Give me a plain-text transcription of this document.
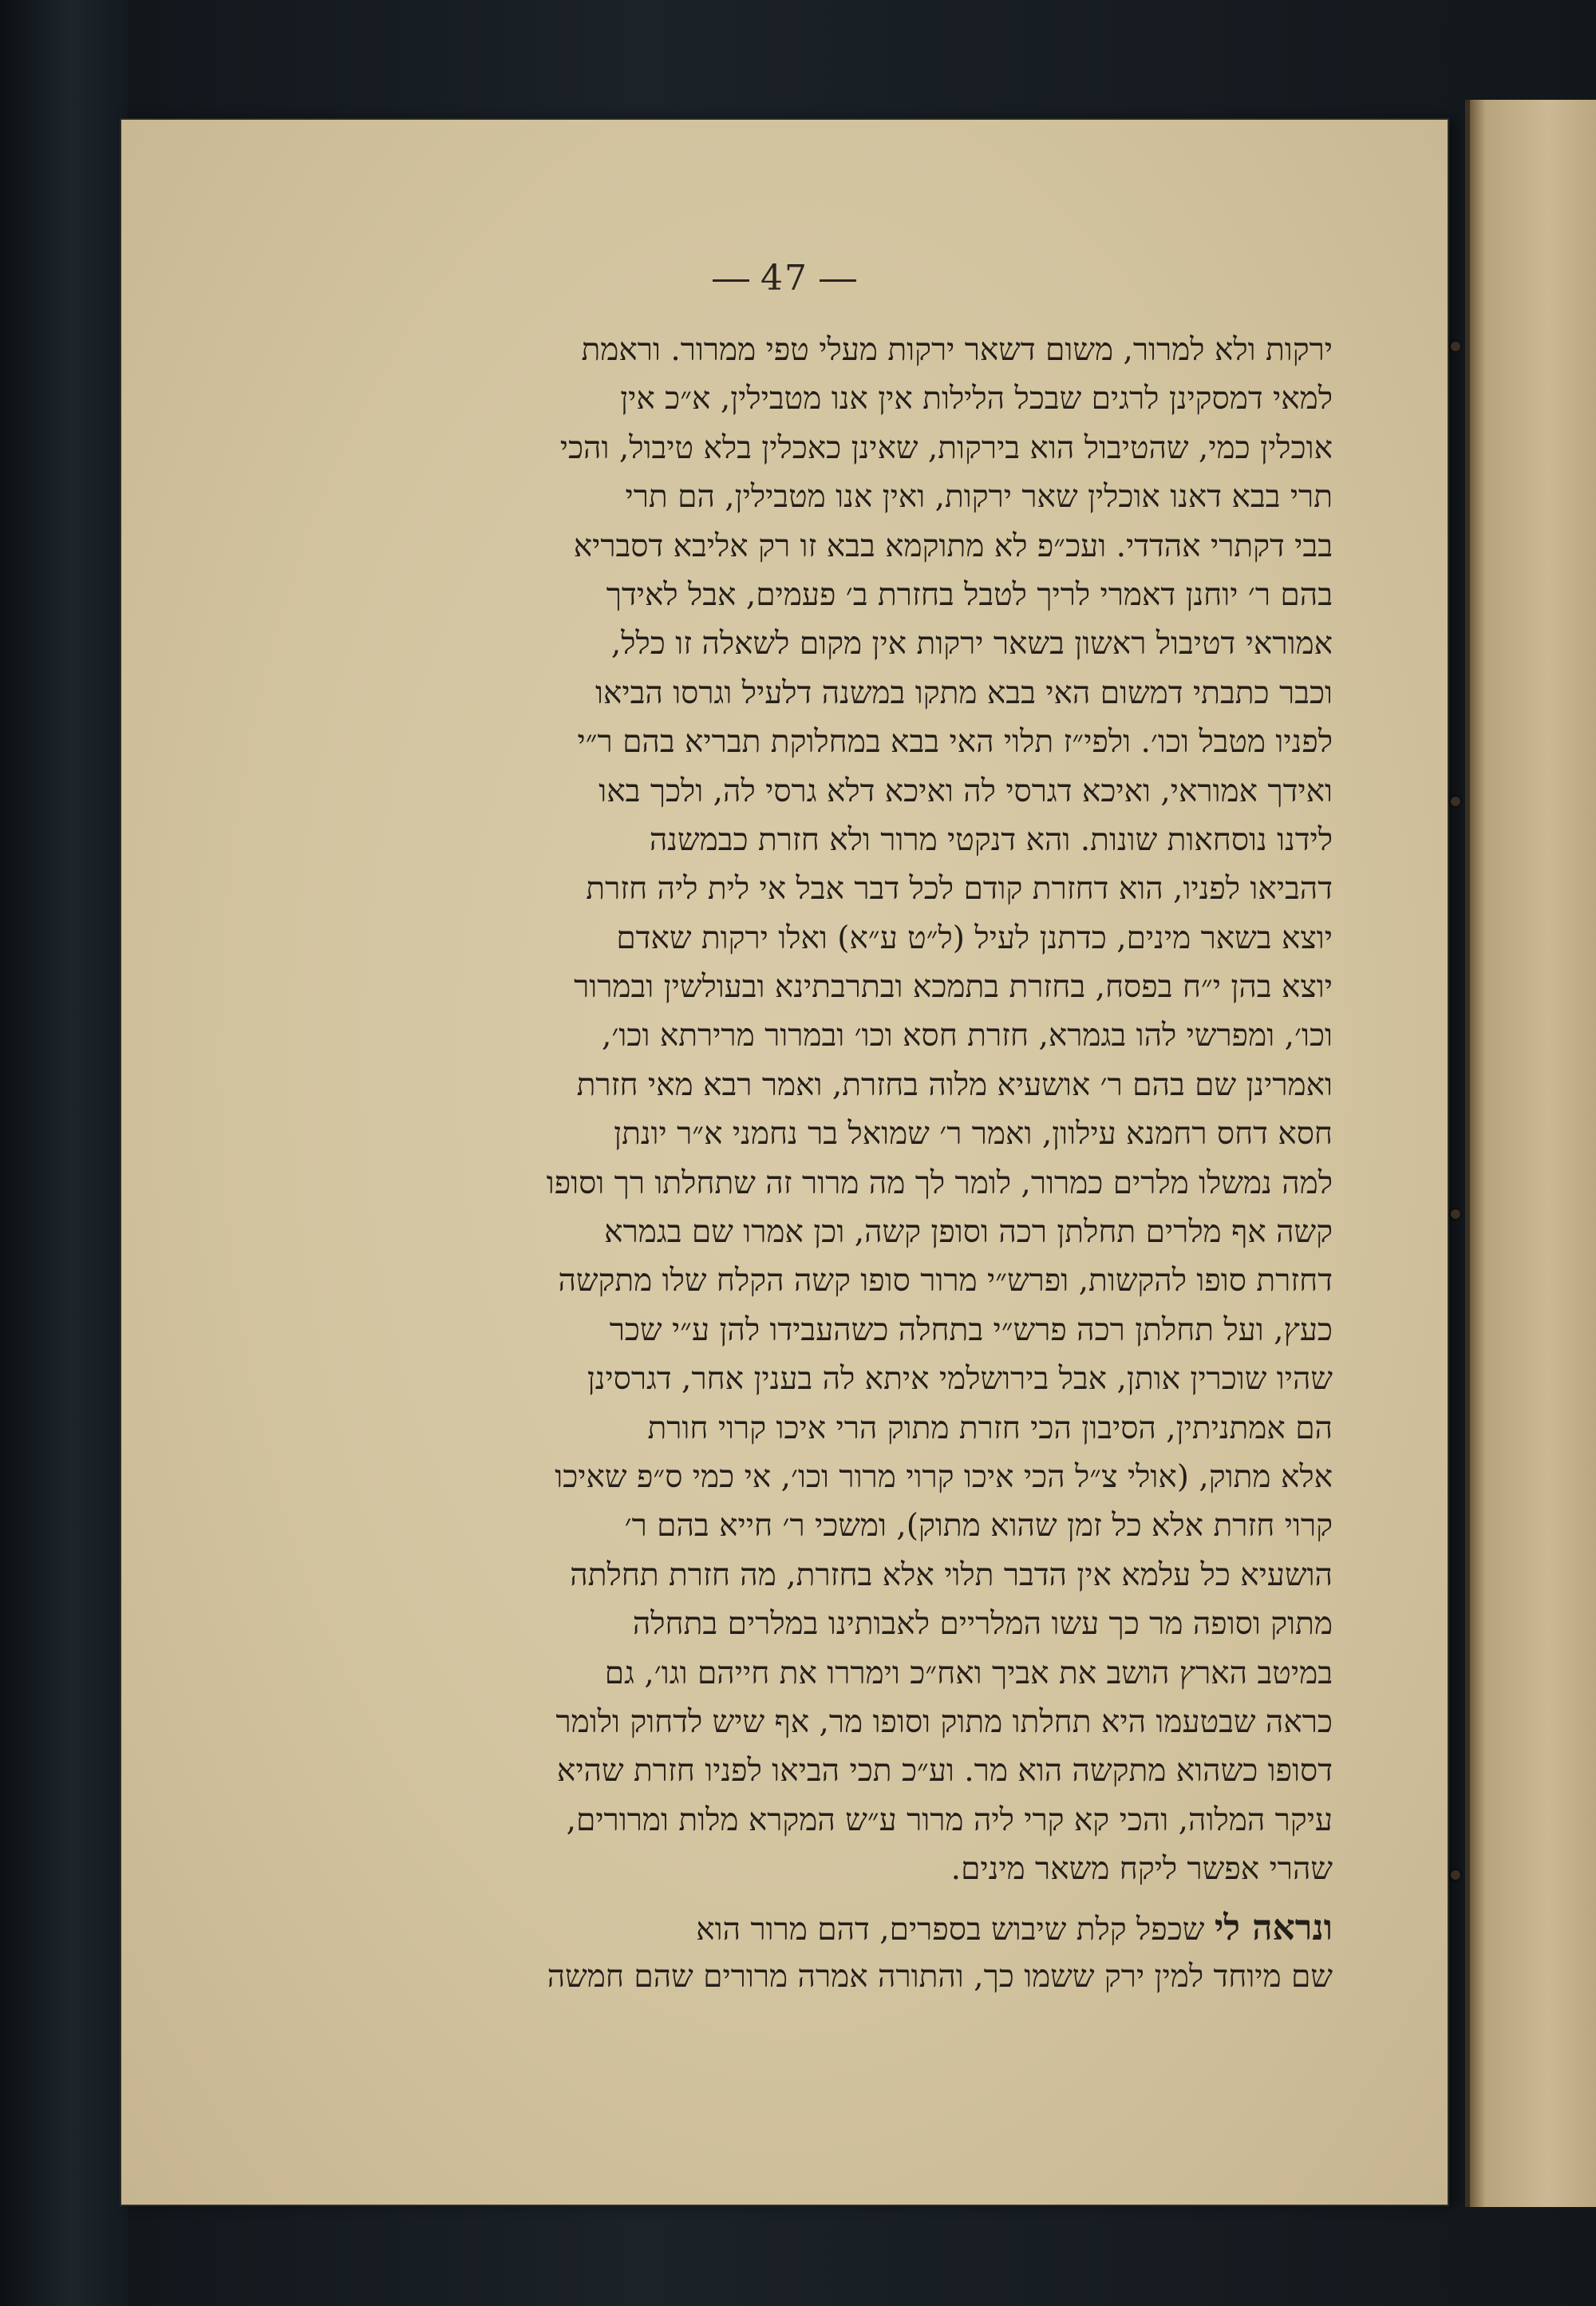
47
ירקות ולא למרור, משום דשאר ירקות מעלי טפי ממרור. וראמת
למאי דמסקינן לרגים שבכל הלילות אין אנו מטבילין, א״כ אין
אוכלין כמי, שהטיבול הוא בירקות, שאינן כאכלין בלא טיבול, והכי
תרי בבא דאנו אוכלין שאר ירקות, ואין אנו מטבילין, הם תרי
בבי דקתרי אהדדי. ועכ״פ לא מתוקמא בבא זו רק אליבא דסבריא
בהם ר׳ יוחנן דאמרי לריך לטבל בחזרת ב׳ פעמים, אבל לאידך
אמוראי דטיבול ראשון בשאר ירקות אין מקום לשאלה זו כלל,
וכבר כתבתי דמשום האי בבא מתקו במשנה דלעיל וגרסו הביאו
לפניו מטבל וכו׳. ולפי״ז תלוי האי בבא במחלוקת תבריא בהם ר״י
ואידך אמוראי, ואיכא דגרסי לה ואיכא דלא גרסי לה, ולכך באו
לידנו נוסחאות שונות. והא דנקטי מרור ולא חזרת כבמשנה
דהביאו לפניו, הוא דחזרת קודם לכל דבר אבל אי לית ליה חזרת
יוצא בשאר מינים, כדתנן לעיל (ל״ט ע״א) ואלו ירקות שאדם
יוצא בהן י״ח בפסח, בחזרת בתמכא ובתרבתינא ובעולשין ובמרור
וכו׳, ומפרשי להו בגמרא, חזרת חסא וכו׳ ובמרור מרירתא וכו׳,
ואמרינן שם בהם ר׳ אושעיא מלוה בחזרת, ואמר רבא מאי חזרת
חסא דחס רחמנא עילוון, ואמר ר׳ שמואל בר נחמני א״ר יונתן
למה נמשלו מלרים כמרור, לומר לך מה מרור זה שתחלתו רך וסופו
קשה אף מלרים תחלתן רכה וסופן קשה, וכן אמרו שם בגמרא
דחזרת סופו להקשות, ופרש״י מרור סופו קשה הקלח שלו מתקשה
כעץ, ועל תחלתן רכה פרש״י בתחלה כשהעבידו להן ע״י שכר
שהיו שוכרין אותן, אבל בירושלמי איתא לה בענין אחר, דגרסינן
הם אמתניתין, הסיבון הכי חזרת מתוק הרי איכו קרוי חורת
אלא מתוק, (אולי צ״ל הכי איכו קרוי מרור וכו׳, אי כמי ס״פ שאיכו
קרוי חזרת אלא כל זמן שהוא מתוק), ומשכי ר׳ חייא בהם ר׳
הושעיא כל עלמא אין הדבר תלוי אלא בחזרת, מה חזרת תחלתה
מתוק וסופה מר כך עשו המלריים לאבותינו במלרים בתחלה
במיטב הארץ הושב את אביך ואח״כ וימררו את חייהם וגו׳, גם
כראה שבטעמו היא תחלתו מתוק וסופו מר, אף שיש לדחוק ולומר
דסופו כשהוא מתקשה הוא מר. וע״כ תכי הביאו לפניו חזרת שהיא
עיקר המלוה, והכי קא קרי ליה מרור ע״ש המקרא מלות ומרורים,
שהרי אפשר ליקח משאר מינים.
ונראה לי שכפל קלת שיבוש בספרים, דהם מרור הוא
שם מיוחד למין ירק ששמו כך, והתורה אמרה מרורים שהם חמשה
